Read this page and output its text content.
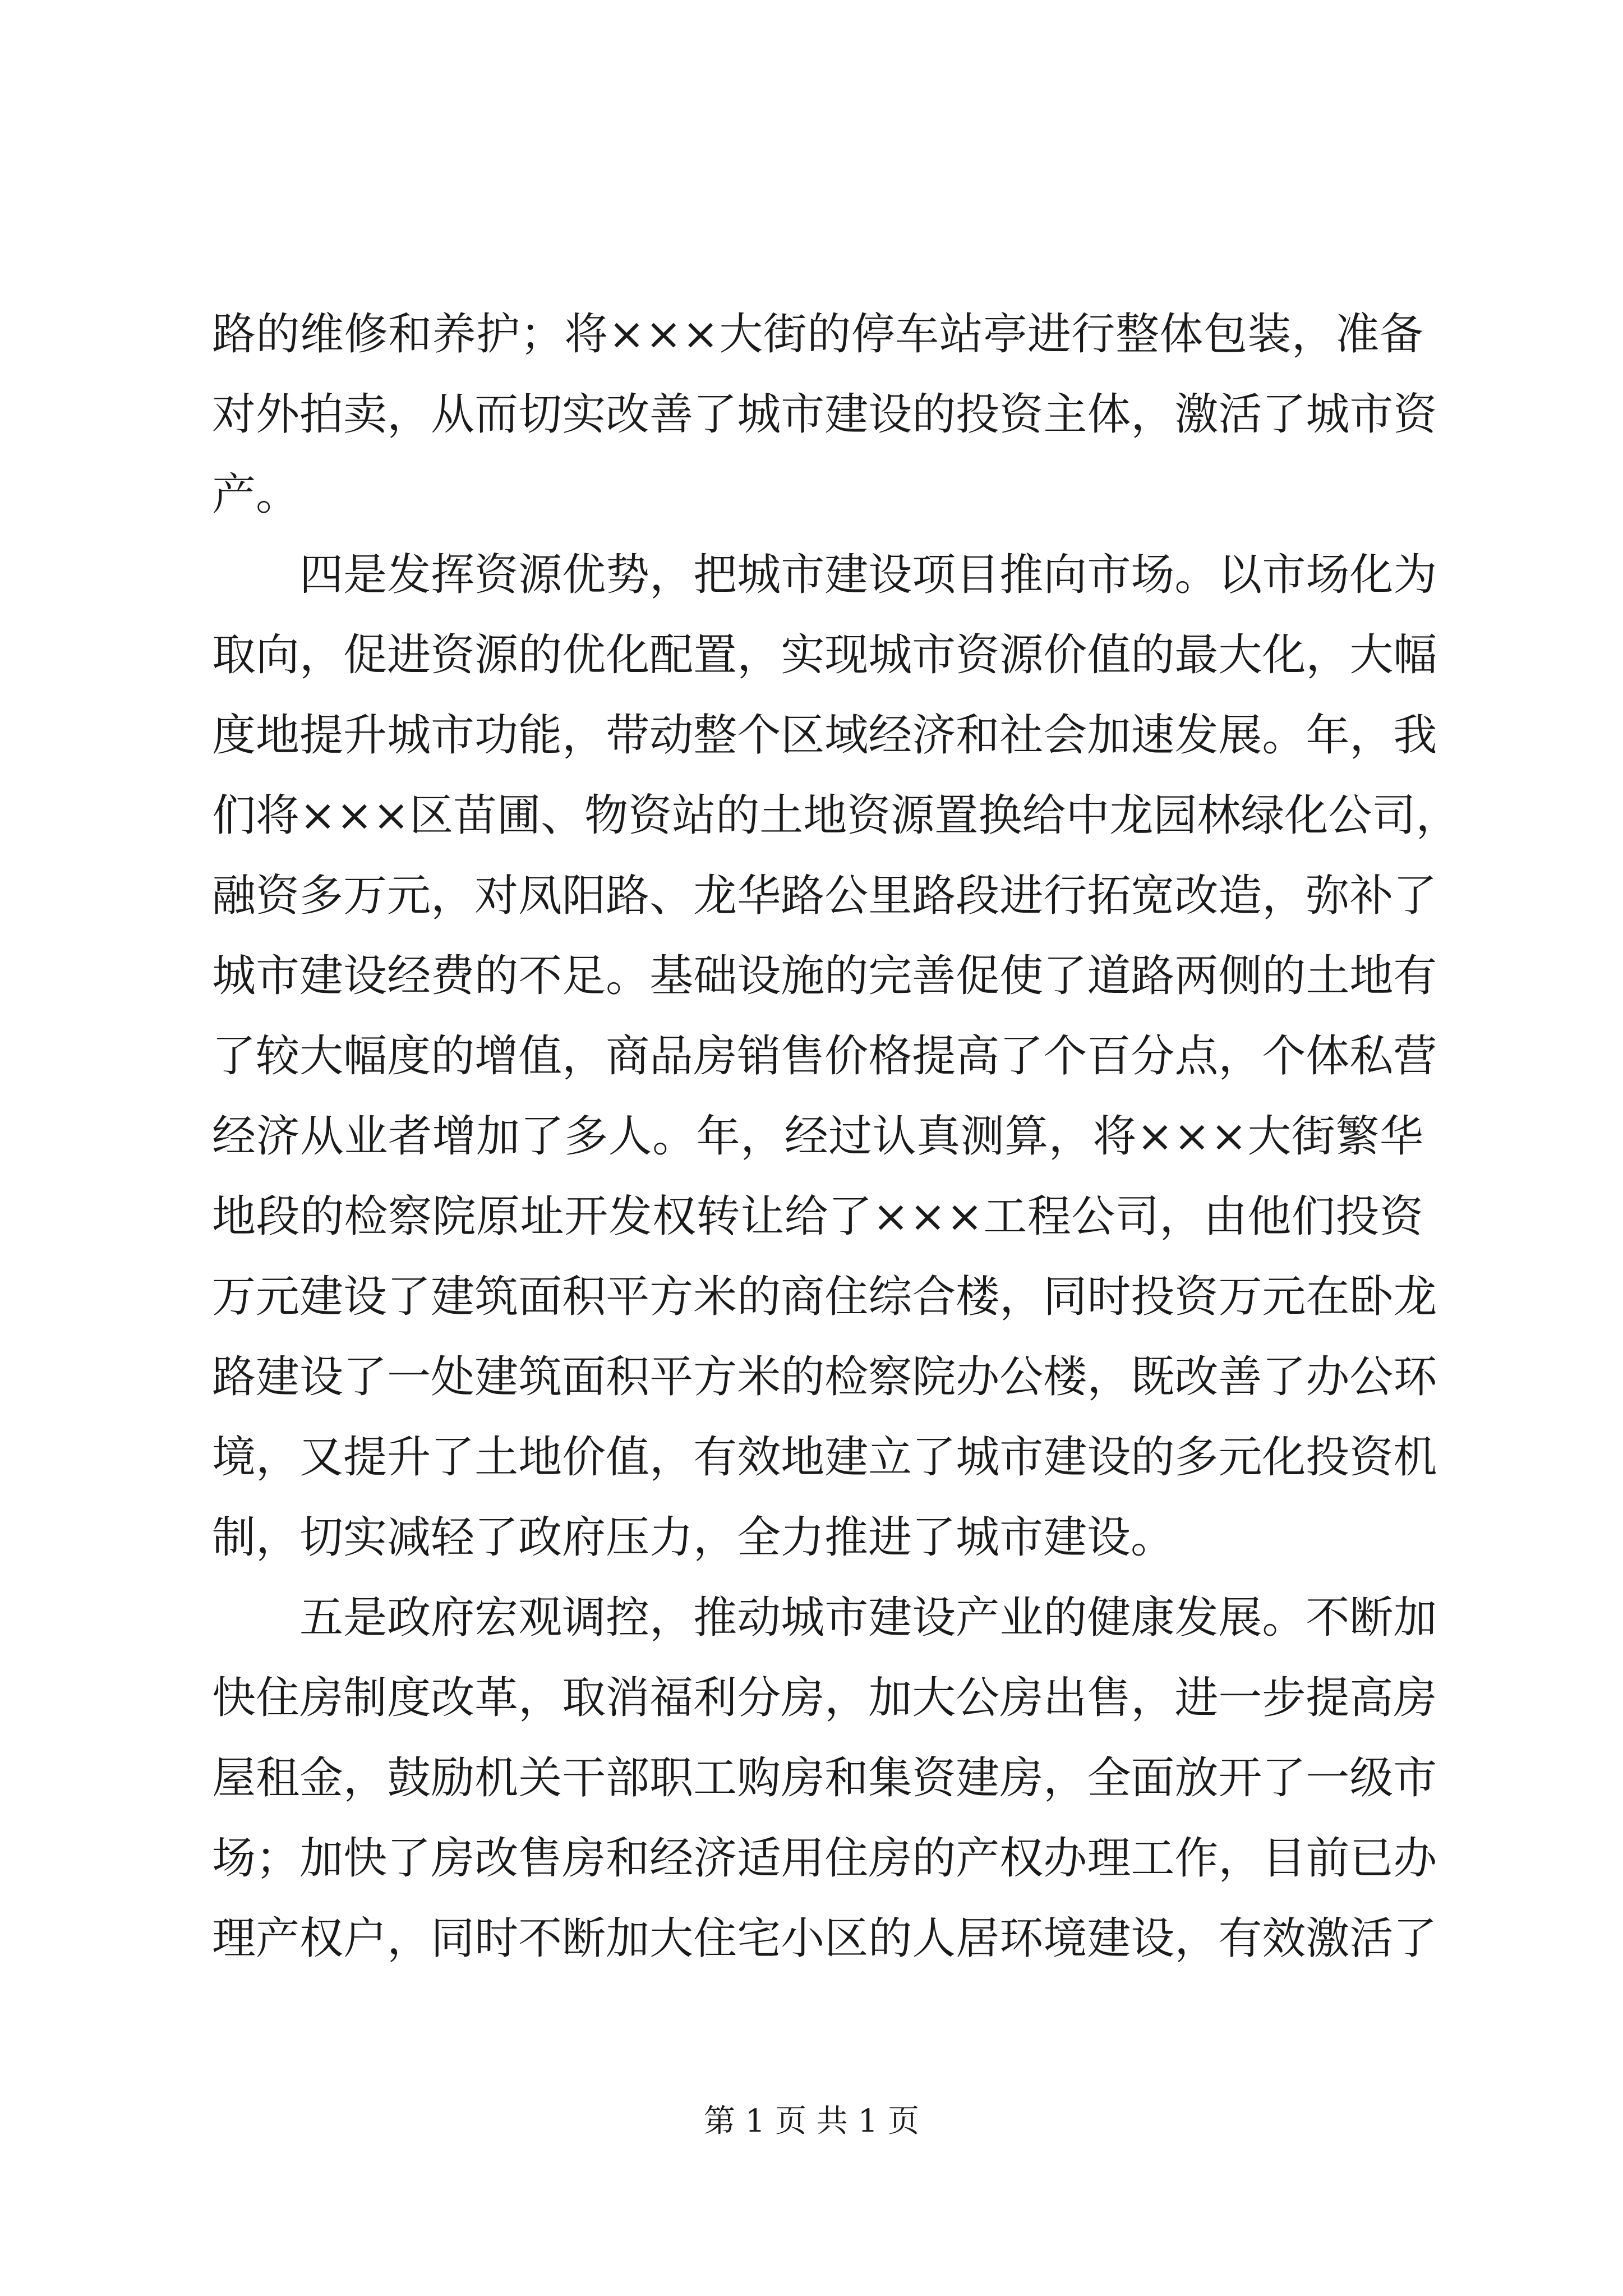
路 的 维 修 和 养 护 ； 将 × × × 大 街 的 停 车 站 亭 进 行 整 体 包 装 ， 准 备
对 外 拍 卖 ， 从 而 切 实 改 善 了 城 市 建 设 的 投 资 主 体 ， 激 活 了 城 市 资
产。

四 是 发 挥 资 源 优 势 ， 把 城 市 建 设 项 目 推 向 市 场 。 以 市 场 化 为
取 向 ， 促 进 资 源 的 优 化 配 置 ， 实 现 城 市 资 源 价 值 的 最 大 化 ， 大 幅
度 地 提 升 城 市 功 能 ， 带 动 整 个 区 域 经 济 和 社 会 加 速 发 展 。 年 ， 我
们 将 × × × 区 苗 圃 、 物 资 站 的 土 地 资 源 置 换 给 中 龙 园 林 绿 化 公 司 ，
融 资 多 万 元 ， 对 凤 阳 路 、 龙 华 路 公 里 路 段 进 行 拓 宽 改 造 ， 弥 补 了
城 市 建 设 经 费 的 不 足 。 基 础 设 施 的 完 善 促 使 了 道 路 两 侧 的 土 地 有
了 较 大 幅 度 的 增 值 ， 商 品 房 销 售 价 格 提 高 了 个 百 分 点 ， 个 体 私 营
经 济 从 业 者 增 加 了 多 人 。 年 ， 经 过 认 真 测 算 ， 将 × × × 大 街 繁 华
地 段 的 检 察 院 原 址 开 发 权 转 让 给 了 × × × 工 程 公 司 ， 由 他 们 投 资
万 元 建 设 了 建 筑 面 积 平 方 米 的 商 住 综 合 楼 ， 同 时 投 资 万 元 在 卧 龙
路 建 设 了 一 处 建 筑 面 积 平 方 米 的 检 察 院 办 公 楼 ， 既 改 善 了 办 公 环
境 ， 又 提 升 了 土 地 价 值 ， 有 效 地 建 立 了 城 市 建 设 的 多 元 化 投 资 机
制，切实减轻了政府压力，全力推进了城市建设。

五 是 政 府 宏 观 调 控 ， 推 动 城 市 建 设 产 业 的 健 康 发 展 。 不 断 加
快 住 房 制 度 改 革 ， 取 消 福 利 分 房 ， 加 大 公 房 出 售 ， 进 一 步 提 高 房
屋 租 金 ， 鼓 励 机 关 干 部 职 工 购 房 和 集 资 建 房 ， 全 面 放 开 了 一 级 市
场 ； 加 快 了 房 改 售 房 和 经 济 适 用 住 房 的 产 权 办 理 工 作 ， 目 前 已 办
理 产 权 户 ， 同 时 不 断 加 大 住 宅 小 区 的 人 居 环 境 建 设 ， 有 效 激 活 了
第 1 页 共 1 页
